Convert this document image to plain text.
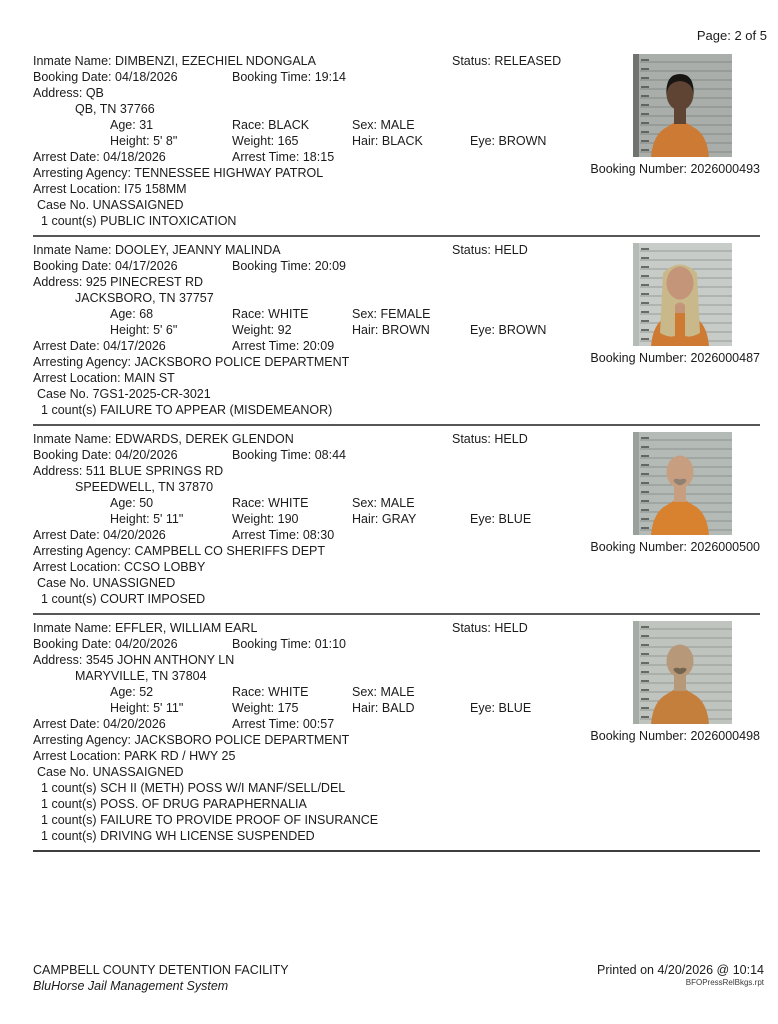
Page: 2 of 5
Inmate Name: DIMBENZI, EZECHIEL NDONGALA	Status: RELEASED
Booking Date: 04/18/2026	Booking Time: 19:14
Address: QB
QB, TN 37766
Age: 31	Race: BLACK	Sex: MALE
Height: 5' 8"	Weight: 165	Hair: BLACK	Eye: BROWN
Arrest Date: 04/18/2026	Arrest Time: 18:15
Arresting Agency: TENNESSEE HIGHWAY PATROL
Arrest Location: I75 158MM
Case No. UNASSAIGNED
1 count(s) PUBLIC INTOXICATION
Booking Number: 2026000493
Inmate Name: DOOLEY, JEANNY MALINDA	Status: HELD
Booking Date: 04/17/2026	Booking Time: 20:09
Address: 925 PINECREST RD
JACKSBORO, TN 37757
Age: 68	Race: WHITE	Sex: FEMALE
Height: 5' 6"	Weight: 92	Hair: BROWN	Eye: BROWN
Arrest Date: 04/17/2026	Arrest Time: 20:09
Arresting Agency: JACKSBORO POLICE DEPARTMENT
Arrest Location: MAIN ST
Case No. 7GS1-2025-CR-3021
1 count(s) FAILURE TO APPEAR (MISDEMEANOR)
Booking Number: 2026000487
Inmate Name: EDWARDS, DEREK GLENDON	Status: HELD
Booking Date: 04/20/2026	Booking Time: 08:44
Address: 511 BLUE SPRINGS RD
SPEEDWELL, TN 37870
Age: 50	Race: WHITE	Sex: MALE
Height: 5' 11"	Weight: 190	Hair: GRAY	Eye: BLUE
Arrest Date: 04/20/2026	Arrest Time: 08:30
Arresting Agency: CAMPBELL CO SHERIFFS DEPT
Arrest Location: CCSO LOBBY
Case No. UNASSIGNED
1 count(s) COURT IMPOSED
Booking Number: 2026000500
Inmate Name: EFFLER, WILLIAM EARL	Status: HELD
Booking Date: 04/20/2026	Booking Time: 01:10
Address: 3545 JOHN ANTHONY LN
MARYVILLE, TN 37804
Age: 52	Race: WHITE	Sex: MALE
Height: 5' 11"	Weight: 175	Hair: BALD	Eye: BLUE
Arrest Date: 04/20/2026	Arrest Time: 00:57
Arresting Agency: JACKSBORO POLICE DEPARTMENT
Arrest Location: PARK RD / HWY 25
Case No. UNASSAIGNED
1 count(s) SCH II (METH) POSS W/I MANF/SELL/DEL
1 count(s) POSS. OF DRUG PARAPHERNALIA
1 count(s) FAILURE TO PROVIDE PROOF OF INSURANCE
1 count(s) DRIVING WH LICENSE SUSPENDED
Booking Number: 2026000498
CAMPBELL COUNTY DETENTION FACILITY
BluHorse Jail Management System
Printed on 4/20/2026 @ 10:14
BFOPressRelBkgs.rpt
